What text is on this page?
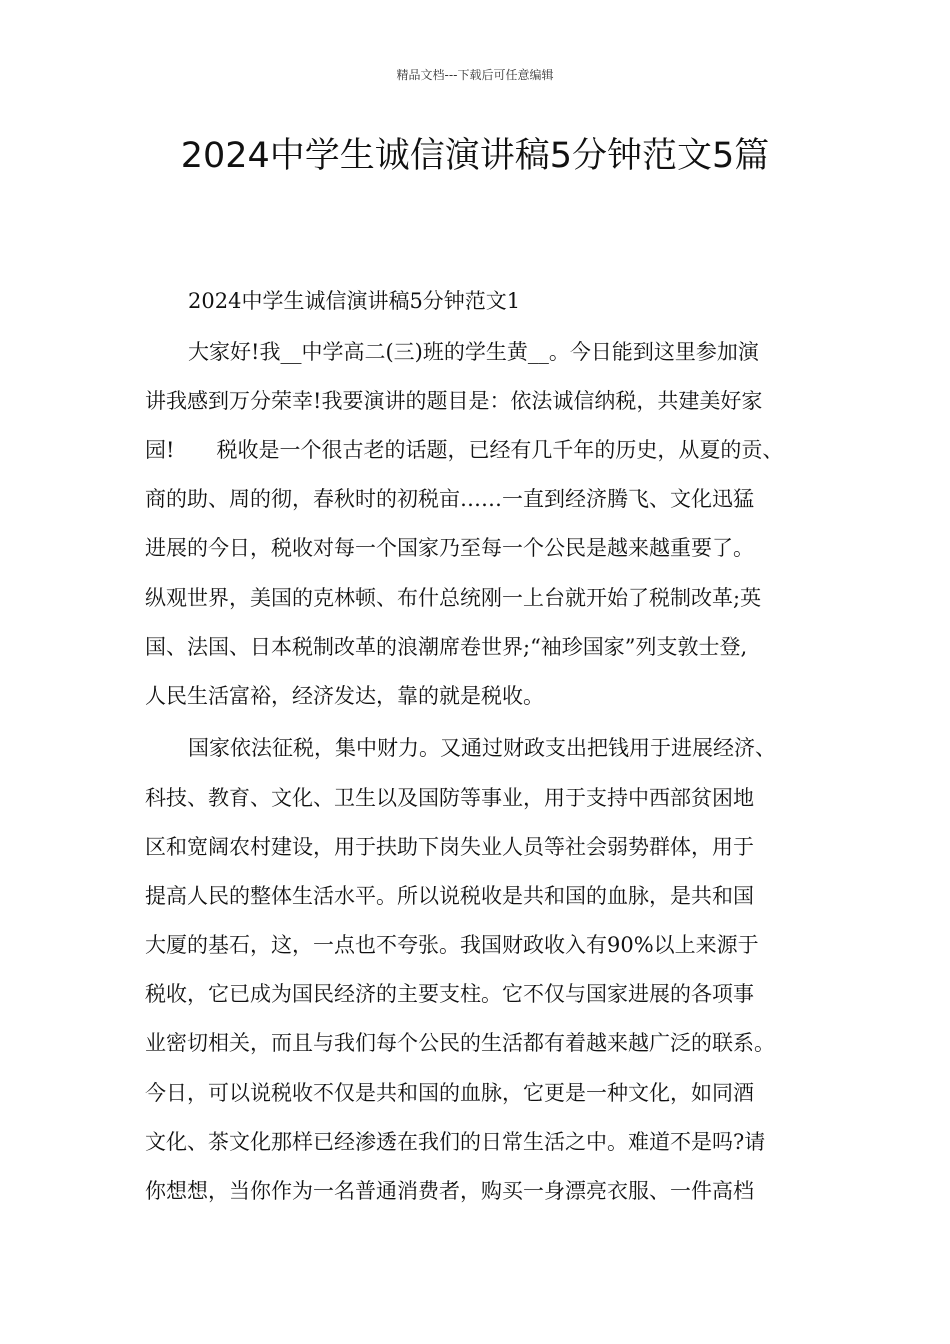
精品文档---下载后可任意编辑
2024中学生诚信演讲稿5分钟范文5篇

2024中学生诚信演讲稿5分钟范文1

大家好!我__中学高二(三)班的学生黄__。今日能到这里参加演

讲我感到万分荣幸!我要演讲的题目是：依法诚信纳税，共建美好家

园!　　税收是一个很古老的话题，已经有几千年的历史，从夏的贡、

商的助、周的彻，春秋时的初税亩……一直到经济腾飞、文化迅猛

进展的今日，税收对每一个国家乃至每一个公民是越来越重要了。

纵观世界，美国的克林顿、布什总统刚一上台就开始了税制改革;英

国、法国、日本税制改革的浪潮席卷世界;“袖珍国家”列支敦士登,

人民生活富裕，经济发达，靠的就是税收。

国家依法征税，集中财力。又通过财政支出把钱用于进展经济、

科技、教育、文化、卫生以及国防等事业，用于支持中西部贫困地

区和宽阔农村建设，用于扶助下岗失业人员等社会弱势群体，用于

提高人民的整体生活水平。所以说税收是共和国的血脉，是共和国

大厦的基石，这，一点也不夸张。我国财政收入有90%以上来源于

税收，它已成为国民经济的主要支柱。它不仅与国家进展的各项事

业密切相关，而且与我们每个公民的生活都有着越来越广泛的联系。

今日，可以说税收不仅是共和国的血脉，它更是一种文化，如同酒

文化、茶文化那样已经渗透在我们的日常生活之中。难道不是吗?请

你想想，当你作为一名普通消费者，购买一身漂亮衣服、一件高档
